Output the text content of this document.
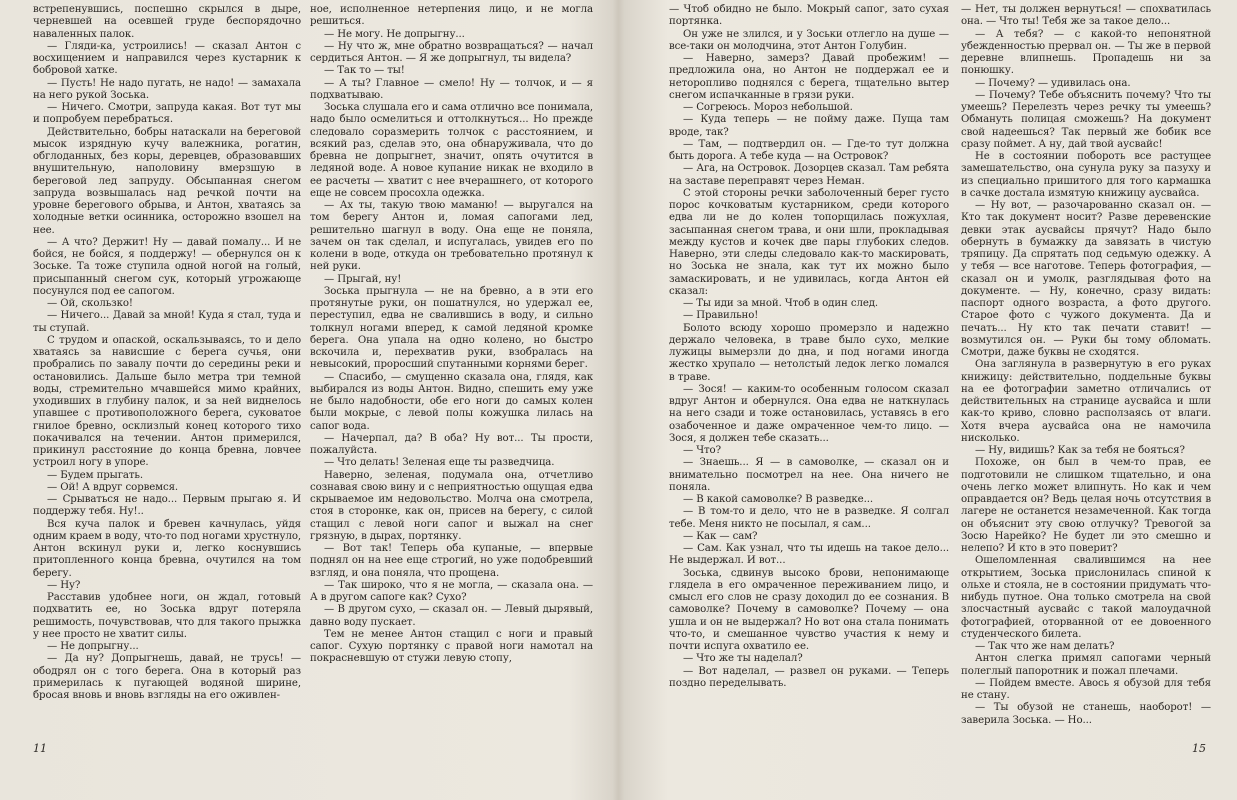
встрепенувшись, поспешно скрылся в дыре, черневшей на осевшей груде беспорядочно наваленных палок.

— Гляди-ка, устроились! — сказал Антон с восхищением и направился через кустарник к бобровой хатке.

— Пусть! Не надо пугать, не надо! — замахала на него рукой Зоська.

— Ничего. Смотри, запруда какая. Вот тут мы и попробуем перебраться.

Действительно, бобры натаскали на береговой мысок изрядную кучу валежника, рогатин, обглоданных, без коры, деревцев, образовавших внушительную, наполовину вмерзшую в береговой лед запруду. Обсыпанная снегом запруда возвышалась над речкой почти на уровне берегового обрыва, и Антон, хватаясь за холодные ветки осинника, осторожно взошел на нее.

— А что? Держит! Ну — давай помалу... И не бойся, не бойся, я поддержу! — обернулся он к Зоське. Та тоже ступила одной ногой на голый, присыпанный снегом сук, который угрожающе посунулся под ее сапогом.

— Ой, скользко!

— Ничего... Давай за мной! Куда я стал, туда и ты ступай.

С трудом и опаской, оскальзываясь, то и дело хватаясь за нависшие с берега сучья, они пробрались по завалу почти до середины реки и остановились. Дальше было метра три темной воды, стремительно мчавшейся мимо крайних, уходивших в глубину палок, и за ней виднелось упавшее с противоположного берега, суковатое гнилое бревно, осклизлый конец которого тихо покачивался на течении. Антон примерился, прикинул расстояние до конца бревна, ловчее устроил ногу в упоре.

— Будем прыгать.

— Ой! А вдруг сорвемся.

— Срываться не надо... Первым прыгаю я. И поддержу тебя. Ну!..

Вся куча палок и бревен качнулась, уйдя одним краем в воду, что-то под ногами хрустнуло, Антон вскинул руки и, легко коснувшись притопленного конца бревна, очутился на том берегу.

— Ну?

Расставив удобнее ноги, он ждал, готовый подхватить ее, но Зоська вдруг потеряла решимость, почувствовав, что для такого прыжка у нее просто не хватит силы.

— Не допрыгну...

— Да ну? Допрыгнешь, давай, не трусь! — ободрял он с того берега. Она в который раз примерилась к пугающей водяной ширине, бросая вновь и вновь взгляды на его оживлен-

ное, исполненное нетерпения лицо, и не могла решиться.

— Не могу. Не допрыгну...

— Ну что ж, мне обратно возвращаться? — начал сердиться Антон. — Я же допрыгнул, ты видела?

— Так то — ты!

— А ты? Главное — смело! Ну — толчок, и — я подхватываю.

Зоська слушала его и сама отлично все понимала, надо было осмелиться и оттолкнуться... Но прежде следовало соразмерить толчок с расстоянием, и всякий раз, сделав это, она обнаруживала, что до бревна не допрыгнет, значит, опять очутится в ледяной воде. А новое купание никак не входило в ее расчеты — хватит с нее вчерашнего, от которого еще не совсем просохла одежка.

— Ах ты, такую твою маманю! — выругался на том берегу Антон и, ломая сапогами лед, решительно шагнул в воду. Она еще не поняла, зачем он так сделал, и испугалась, увидев его по колени в воде, откуда он требовательно протянул к ней руки.

— Прыгай, ну!

Зоська прыгнула — не на бревно, а в эти его протянутые руки, он пошатнулся, но удержал ее, переступил, едва не свалившись в воду, и сильно толкнул ногами вперед, к самой ледяной кромке берега. Она упала на одно колено, но быстро вскочила и, перехватив руки, взобралась на невысокий, проросший спутанными корнями берег.

— Спасибо, — смущенно сказала она, глядя, как выбирался из воды Антон. Видно, спешить ему уже не было надобности, обе его ноги до самых колен были мокрые, с левой полы кожушка лилась на сапог вода.

— Начерпал, да? В оба? Ну вот... Ты прости, пожалуйста.

— Что делать! Зеленая еще ты разведчица.

Наверно, зеленая, подумала она, отчетливо сознавая свою вину и с неприятностью ощущая едва скрываемое им недовольство. Молча она смотрела, стоя в сторонке, как он, присев на берегу, с силой стащил с левой ноги сапог и выжал на снег грязную, в дырах, портянку.

— Вот так! Теперь оба купаные, — впервые поднял он на нее еще строгий, но уже подобревший взгляд, и она поняла, что прощена.

— Так широко, что я не могла, — сказала она. — А в другом сапоге как? Сухо?

— В другом сухо, — сказал он. — Левый дырявый, давно воду пускает.

Тем не менее Антон стащил с ноги и правый сапог. Сухую портянку с правой ноги намотал на покрасневшую от стужи левую стопу,

11

— Чтоб обидно не было. Мокрый сапог, зато сухая портянка.

Он уже не злился, и у Зоськи отлегло на душе — все-таки он молодчина, этот Антон Голубин.

— Наверно, замерз? Давай пробежим! — предложила она, но Антон не поддержал ее и неторопливо поднялся с берега, тщательно вытер снегом испачканные в грязи руки.

— Согреюсь. Мороз небольшой.

— Куда теперь — не пойму даже. Пуща там вроде, так?

— Там, — подтвердил он. — Где-то тут должна быть дорога. А тебе куда — на Островок?

— Ага, на Островок. Дозорцев сказал. Там ребята на заставе переправят через Неман.

С этой стороны речки заболоченный берег густо порос кочковатым кустарником, среди которого едва ли не до колен топорщилась пожухлая, засыпанная снегом трава, и они шли, прокладывая между кустов и кочек две пары глубоких следов. Наверно, эти следы следовало как-то маскировать, но Зоська не знала, как тут их можно было замаскировать, и не удивилась, когда Антон ей сказал:

— Ты иди за мной. Чтоб в один след.

— Правильно!

Болото всюду хорошо промерзло и надежно держало человека, в траве было сухо, мелкие лужицы вымерзли до дна, и под ногами иногда жестко хрупало — нетолстый ледок легко ломался в траве.

— Зося! — каким-то особенным голосом сказал вдруг Антон и обернулся. Она едва не наткнулась на него сзади и тоже остановилась, уставясь в его озабоченное и даже омраченное чем-то лицо. — Зося, я должен тебе сказать...

— Что?

— Знаешь... Я — в самоволке, — сказал он и внимательно посмотрел на нее. Она ничего не поняла.

— В какой самоволке? В разведке...

— В том-то и дело, что не в разведке. Я солгал тебе. Меня никто не посылал, я сам...

— Как — сам?

— Сам. Как узнал, что ты идешь на такое дело... Не выдержал. И вот...

Зоська, сдвинув высоко брови, непонимающе глядела в его омраченное переживанием лицо, и смысл его слов не сразу доходил до ее сознания. В самоволке? Почему в самоволке? Почему — она ушла и он не выдержал? Но вот она стала понимать что-то, и смешанное чувство участия к нему и почти испуга охватило ее.

— Что же ты наделал?

— Вот наделал, — развел он руками. — Теперь поздно переделывать.

— Нет, ты должен вернуться! — спохватилась она. — Что ты! Тебя же за такое дело...

— А тебя? — с какой-то непонятной убежденностью прервал он. — Ты же в первой деревне влипнешь. Пропадешь ни за понюшку.

— Почему? — удивилась она.

— Почему? Тебе объяснить почему? Что ты умеешь? Перелезть через речку ты умеешь? Обмануть полицая сможешь? На документ свой надеешься? Так первый же бобик все сразу поймет. А ну, дай твой аусвайс!

Не в состоянии побороть все растущее замешательство, она сунула руку за пазуху и из специально пришитого для того кармашка в сачке достала измятую книжицу аусвайса.

— Ну вот, — разочарованно сказал он. — Кто так документ носит? Разве деревенские девки этак аусвайсы прячут? Надо было обернуть в бумажку да завязать в чистую тряпицу. Да спрятать под седьмую одежку. А у тебя — все наготове. Теперь фотография, — сказал он и умолк, разглядывая фото на документе. — Ну, конечно, сразу видать: паспорт одного возраста, а фото другого. Старое фото с чужого документа. Да и печать... Ну кто так печати ставит! — возмутился он. — Руки бы тому обломать. Смотри, даже буквы не сходятся.

Она заглянула в развернутую в его руках книжицу: действительно, поддельные буквы на ее фотографии заметно отличались от действительных на странице аусвайса и шли как-то криво, словно расползаясь от влаги. Хотя вчера аусвайса она не намочила нисколько.

— Ну, видишь? Как за тебя не бояться?

Похоже, он был в чем-то прав, ее подготовили не слишком тщательно, и она очень легко может влипнуть. Но как и чем оправдается он? Ведь целая ночь отсутствия в лагере не останется незамеченной. Как тогда он объяснит эту свою отлучку? Тревогой за Зосю Нарейко? Не будет ли это смешно и нелепо? И кто в это поверит?

Ошеломленная свалившимся на нее открытием, Зоська прислонилась спиной к ольхе и стояла, не в состоянии придумать что-нибудь путное. Она только смотрела на свой злосчастный аусвайс с такой малоудачной фотографией, оторванной от ее довоенного студенческого билета.

— Так что же нам делать?

Антон слегка примял сапогами черный полеглый папоротник и пожал плечами.

— Пойдем вместе. Авось я обузой для тебя не стану.

— Ты обузой не станешь, наоборот! — заверила Зоська. — Но...

15
